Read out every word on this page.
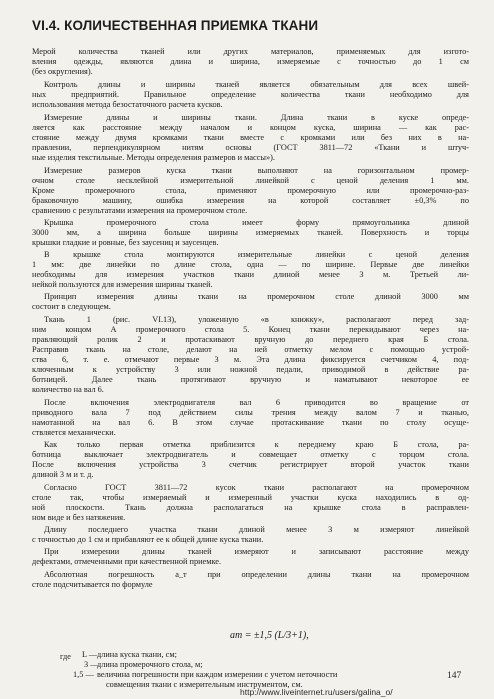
VI.4. КОЛИЧЕСТВЕННАЯ ПРИЕМКА ТКАНИ
Мерой количества тканей или других материалов, применяемых для изгото-
вления одежды, являются длина и ширина, измеряемые с точностью до 1 см
(без округления).
Контроль длины и ширины тканей является обязательным для всех швей-
ных предприятий. Правильное определение количества ткани необходимо для
использования метода безостаточного расчета кусков.
Измерение длины и ширины ткани. Длина ткани в куске опреде-
ляется как расстояние между началом и концом куска, ширина — как рас-
стояние между двумя кромками ткани вместе с кромками или без них в на-
правлении, перпендикулярном нитям основы (ГОСТ 3811—72 «Ткани и штуч-
ные изделия текстильные. Методы определения размеров и массы»).
Измерение размеров куска ткани выполняют на горизонтальном промер-
очном столе несклейной измерительной линейкой с ценой деления 1 мм.
Кроме промерочного стола, применяют промерочную или промерочно-раз-
браковочную машину, ошибка измерения на которой составляет ±0,3% по
сравнению с результатами измерения на промерочном столе.
Крышка промерочного стола имеет форму прямоугольника длиной
3000 мм, а ширина больше ширины измеряемых тканей. Поверхность и торцы
крышки гладкие и ровные, без заусениц и заусенцев.
В крышке стола монтируются измерительные линейки с ценой деления
1 мм: две линейки по длине стола, одна — по ширине. Первые две линейки
необходимы для измерения участков ткани длиной менее 3 м. Третьей ли-
нейкой пользуются для измерения ширины тканей.
Принцип измерения длины ткани на промерочном столе длиной 3000 мм
состоит в следующем.
Ткань 1 (рис. VI.13), уложенную «в книжку», располагают перед зад-
ним концом А промерочного стола 5. Конец ткани перекидывают через на-
правляющий ролик 2 и протаскивают вручную до переднего края Б стола.
Расправив ткань на столе, делают на ней отметку мелом с помощью устрой-
ства 6, т. е. отмечают первые 3 м. Эта длина фиксируется счетчиком 4, под-
ключенным к устройству 3 или ножной педали, приводимой в действие ра-
ботницей. Далее ткань протягивают вручную и наматывают некоторое ее
количество на вал 6.
После включения электродвигателя вал 6 приводится во вращение от
приводного вала 7 под действием силы трения между валом 7 и тканью,
намотанной на вал 6. В этом случае протаскивание ткани по столу осуще-
ствляется механически.
Как только первая отметка приблизится к переднему краю Б стола, ра-
ботница выключает электродвигатель и совмещает отметку с торцом стола.
После включения устройства 3 счетчик регистрирует второй участок ткани
длиной 3 м и т. д.
Согласно ГОСТ 3811—72 кусок ткани располагают на промерочном
столе так, чтобы измеряемый и измеренный участки куска находились в од-
ной плоскости. Ткань должна располагаться на крышке стола в расправлен-
ном виде и без натяжения.
Длину последнего участка ткани длиной менее 3 м измеряют линейкой
с точностью до 1 см и прибавляют ее к общей длине куска ткани.
При измерении длины тканей измеряют и записывают расстояние между
дефектами, отмеченными при качественной приемке.
Абсолютная погрешность a_т при определении длины ткани на промерочном
столе подсчитывается по формуле
aт = ±1,5 (L/3+1),
где L — длина куска ткани, см;
3 —
длина промерочного стола, м;
1,5 — величина погрешности при каждом измерении с учетом неточности
совмещения ткани с измерительным инструментом, см.
147
http://www.liveinternet.ru/users/galina_o/
